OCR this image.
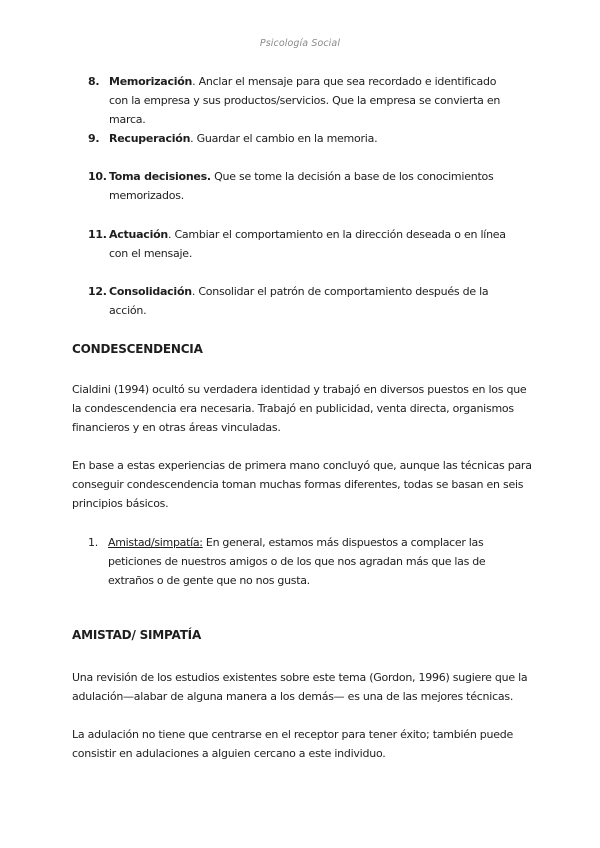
Psicología Social
8. Memorización. Anclar el mensaje para que sea recordado e identificado con la empresa y sus productos/servicios. Que la empresa se convierta en marca.
9. Recuperación. Guardar el cambio en la memoria.
10. Toma decisiones. Que se tome la decisión a base de los conocimientos memorizados.
11. Actuación. Cambiar el comportamiento en la dirección deseada o en línea con el mensaje.
12. Consolidación. Consolidar el patrón de comportamiento después de la acción.
CONDESCENDENCIA
Cialdini (1994) ocultó su verdadera identidad y trabajó en diversos puestos en los que la condescendencia era necesaria. Trabajó en publicidad, venta directa, organismos financieros y en otras áreas vinculadas.
En base a estas experiencias de primera mano concluyó que, aunque las técnicas para conseguir condescendencia toman muchas formas diferentes, todas se basan en seis principios básicos.
1. Amistad/simpatía: En general, estamos más dispuestos a complacer las peticiones de nuestros amigos o de los que nos agradan más que las de extraños o de gente que no nos gusta.
AMISTAD/ SIMPATÍA
Una revisión de los estudios existentes sobre este tema (Gordon, 1996) sugiere que la adulación—alabar de alguna manera a los demás— es una de las mejores técnicas.
La adulación no tiene que centrarse en el receptor para tener éxito; también puede consistir en adulaciones a alguien cercano a este individuo.
